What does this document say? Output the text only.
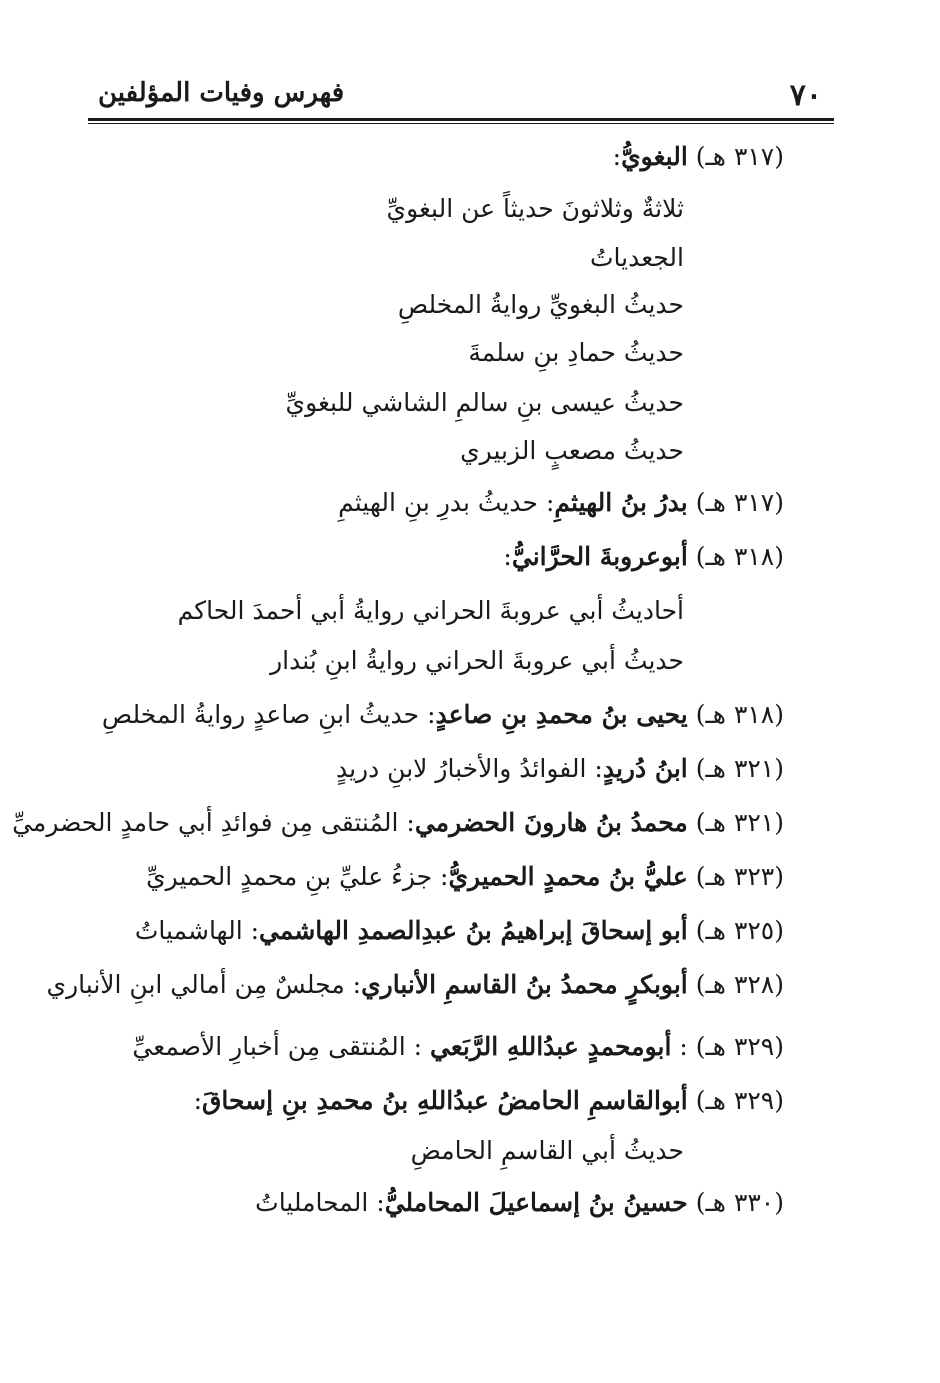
٧٠
فهرس وفيات المؤلفين
(٣١٧ هـ) البغويُّ:
ثلاثةٌ وثلاثونَ حديثاً عن البغويِّ
الجعدياتُ
حديثُ البغويِّ روايةُ المخلصِ
حديثُ حمادِ بنِ سلمةَ
حديثُ عيسى بنِ سالمِ الشاشي للبغويِّ
حديثُ مصعبٍ الزبيري
(٣١٧ هـ) بدرُ بنُ الهيثمِ: حديثُ بدرِ بنِ الهيثمِ
(٣١٨ هـ) أبوعروبةَ الحرَّانيُّ:
أحاديثُ أبي عروبةَ الحراني روايةُ أبي أحمدَ الحاكم
حديثُ أبي عروبةَ الحراني روايةُ ابنِ بُندار
(٣١٨ هـ) يحيى بنُ محمدِ بنِ صاعدٍ: حديثُ ابنِ صاعدٍ روايةُ المخلصِ
(٣٢١ هـ) ابنُ دُريدٍ: الفوائدُ والأخبارُ لابنِ دريدٍ
(٣٢١ هـ) محمدُ بنُ هارونَ الحضرمي: المُنتقى مِن فوائدِ أبي حامدٍ الحضرميِّ
(٣٢٣ هـ) عليُّ بنُ محمدٍ الحميريُّ: جزءُ عليِّ بنِ محمدٍ الحميريِّ
(٣٢٥ هـ) أبو إسحاقَ إبراهيمُ بنُ عبدِالصمدِ الهاشمي: الهاشمياتُ
(٣٢٨ هـ) أبوبكرٍ محمدُ بنُ القاسمِ الأنباري: مجلسٌ مِن أمالي ابنِ الأنباري
(٣٢٩ هـ) : أبومحمدٍ عبدُاللهِ الرَّبَعي : المُنتقى مِن أخبارِ الأصمعيِّ
(٣٢٩ هـ) أبوالقاسمِ الحامضُ عبدُاللهِ بنُ محمدِ بنِ إسحاقَ:
حديثُ أبي القاسمِ الحامضِ
(٣٣٠ هـ) حسينُ بنُ إسماعيلَ المحامليُّ: المحاملياتُ
